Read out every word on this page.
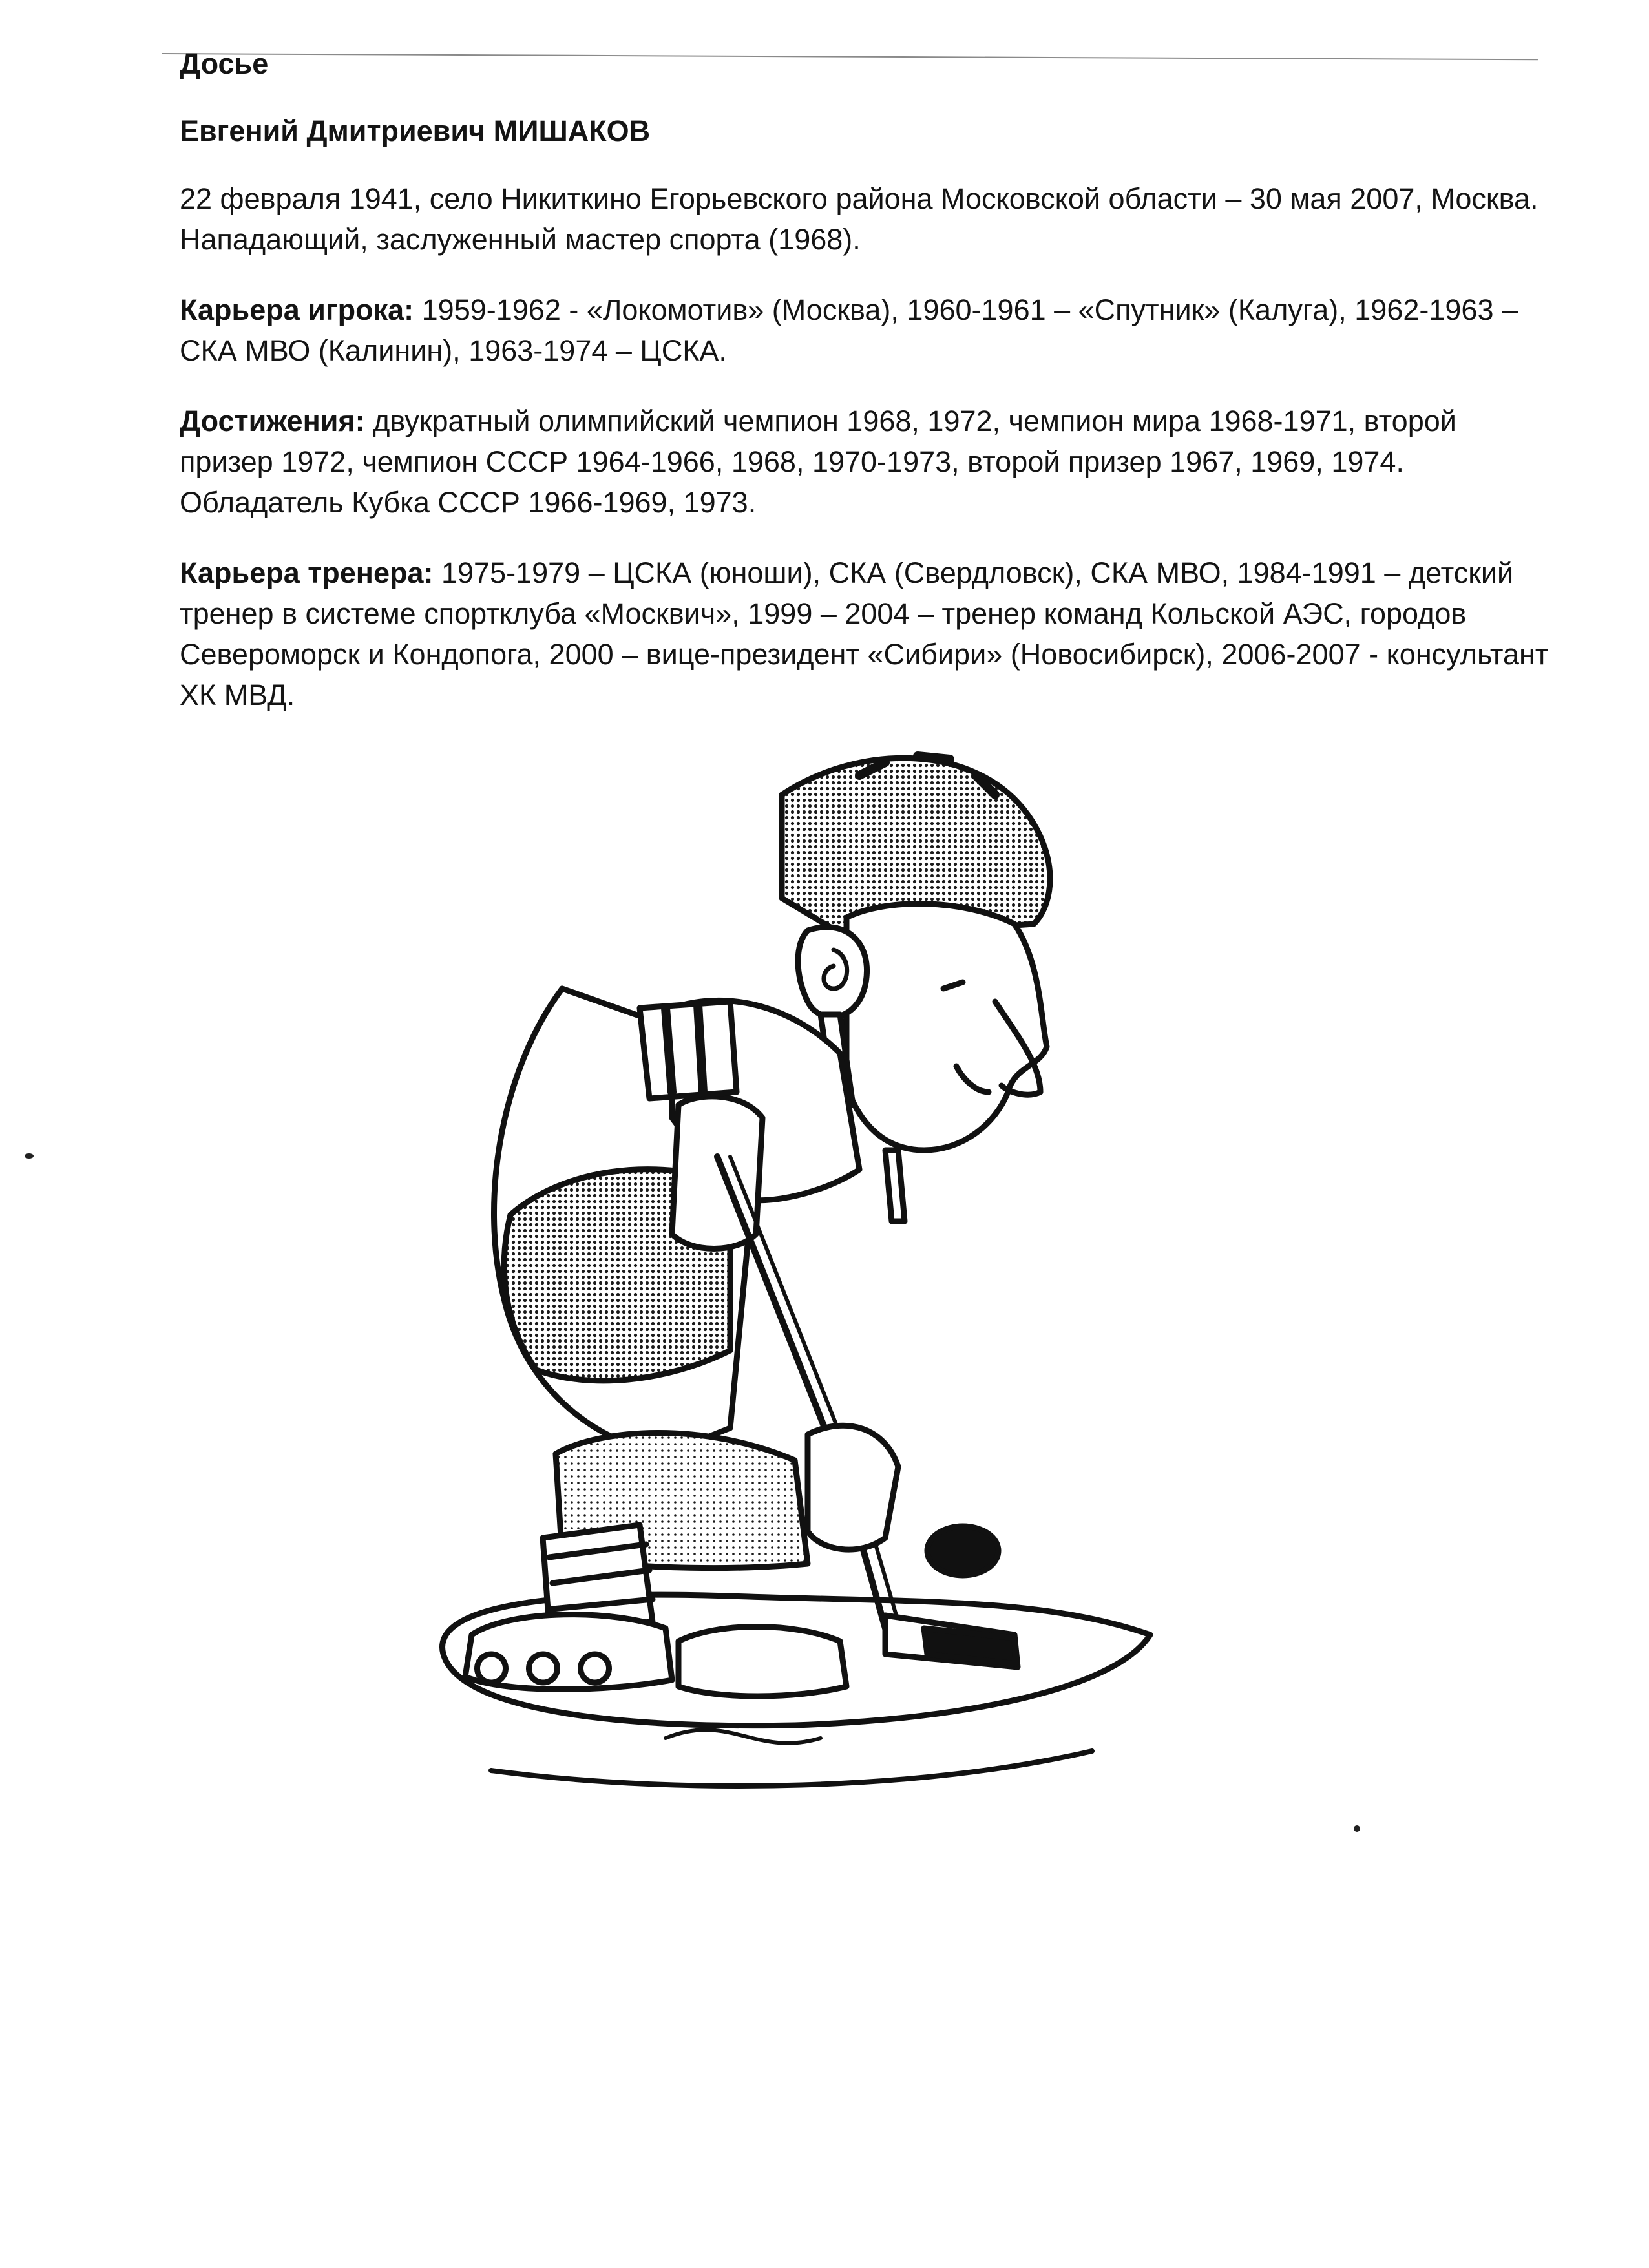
Досье

Евгений Дмитриевич МИШАКОВ

22 февраля 1941, село Никиткино Егорьевского района Московской области – 30 мая 2007, Москва. Нападающий, заслуженный мастер спорта (1968).

Карьера игрока: 1959-1962 - «Локомотив» (Москва), 1960-1961 – «Спутник» (Калуга), 1962-1963 – СКА МВО (Калинин), 1963-1974 – ЦСКА.

Достижения: двукратный олимпийский чемпион 1968, 1972, чемпион мира 1968-1971, второй призер 1972, чемпион СССР 1964-1966, 1968, 1970-1973, второй призер 1967, 1969, 1974. Обладатель Кубка СССР 1966-1969, 1973.

Карьера тренера: 1975-1979 – ЦСКА (юноши), СКА (Свердловск), СКА МВО, 1984-1991 – детский тренер в системе спортклуба «Москвич», 1999 – 2004 – тренер команд Кольской АЭС, городов Североморск и Кондопога, 2000 – вице-президент «Сибири» (Новосибирск), 2006-2007 - консультант ХК МВД.
